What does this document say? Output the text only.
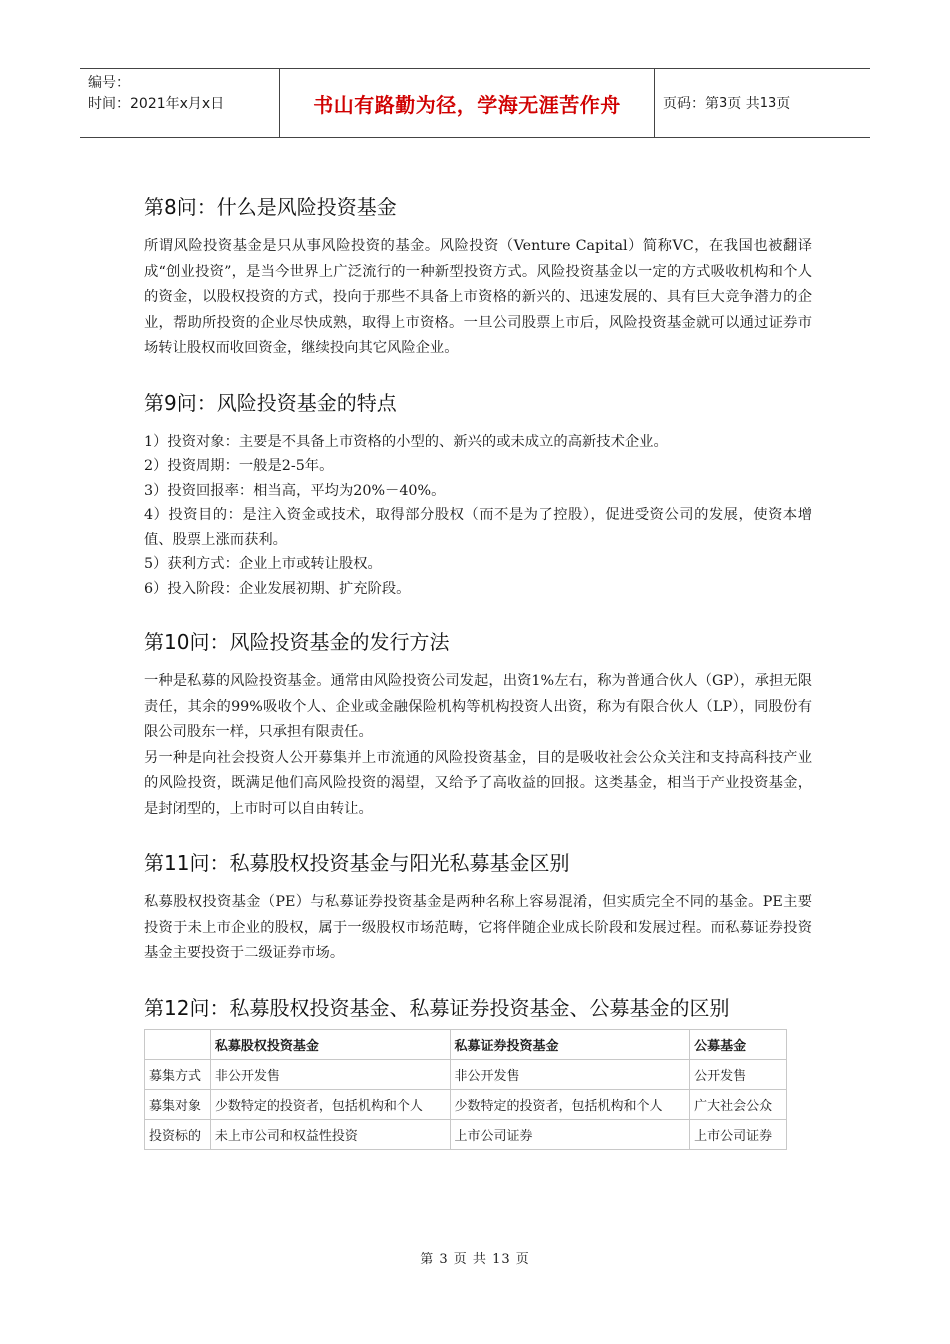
编号：
时间：2021年x月x日	书山有路勤为径，学海无涯苦作舟	页码：第 3 页 共 13 页
第8问：什么是风险投资基金

所谓风险投资基金是只从事风险投资的基金。风险投资（Venture Capital）简称VC，在我国也被翻译成“创业投资”，是当今世界上广泛流行的一种新型投资方式。风险投资基金以一定的方式吸收机构和个人的资金，以股权投资的方式，投向于那些不具备上市资格的新兴的、迅速发展的、具有巨大竞争潜力的企业，帮助所投资的企业尽快成熟，取得上市资格。一旦公司股票上市后，风险投资基金就可以通过证券市场转让股权而收回资金，继续投向其它风险企业。

第9问：风险投资基金的特点

1）投资对象：主要是不具备上市资格的小型的、新兴的或未成立的高新技术企业。

2）投资周期：一般是2-5年。

3）投资回报率：相当高，平均为20%－40%。

4）投资目的：是注入资金或技术，取得部分股权（而不是为了控股），促进受资公司的发展，使资本增值、股票上涨而获利。

5）获利方式：企业上市或转让股权。

6）投入阶段：企业发展初期、扩充阶段。

第10问：风险投资基金的发行方法

一种是私募的风险投资基金。通常由风险投资公司发起，出资1%左右，称为普通合伙人（GP），承担无限责任，其余的99%吸收个人、企业或金融保险机构等机构投资人出资，称为有限合伙人（LP），同股份有限公司股东一样，只承担有限责任。

另一种是向社会投资人公开募集并上市流通的风险投资基金，目的是吸收社会公众关注和支持高科技产业的风险投资，既满足他们高风险投资的渴望，又给予了高收益的回报。这类基金，相当于产业投资基金，是封闭型的，上市时可以自由转让。

第11问：私募股权投资基金与阳光私募基金区别

私募股权投资基金（PE）与私募证券投资基金是两种名称上容易混淆，但实质完全不同的基金。PE主要投资于未上市企业的股权，属于一级股权市场范畴，它将伴随企业成长阶段和发展过程。而私募证券投资基金主要投资于二级证券市场。

第12问：私募股权投资基金、私募证券投资基金、公募基金的区别
	私募股权投资基金	私募证券投资基金	公募基金
募集方式	非公开发售	非公开发售	公开发售
募集对象	少数特定的投资者，包括机构和个人	少数特定的投资者，包括机构和个人	广大社会公众
投资标的	未上市公司和权益性投资	上市公司证券	上市公司证券
第 3 页 共 13 页
